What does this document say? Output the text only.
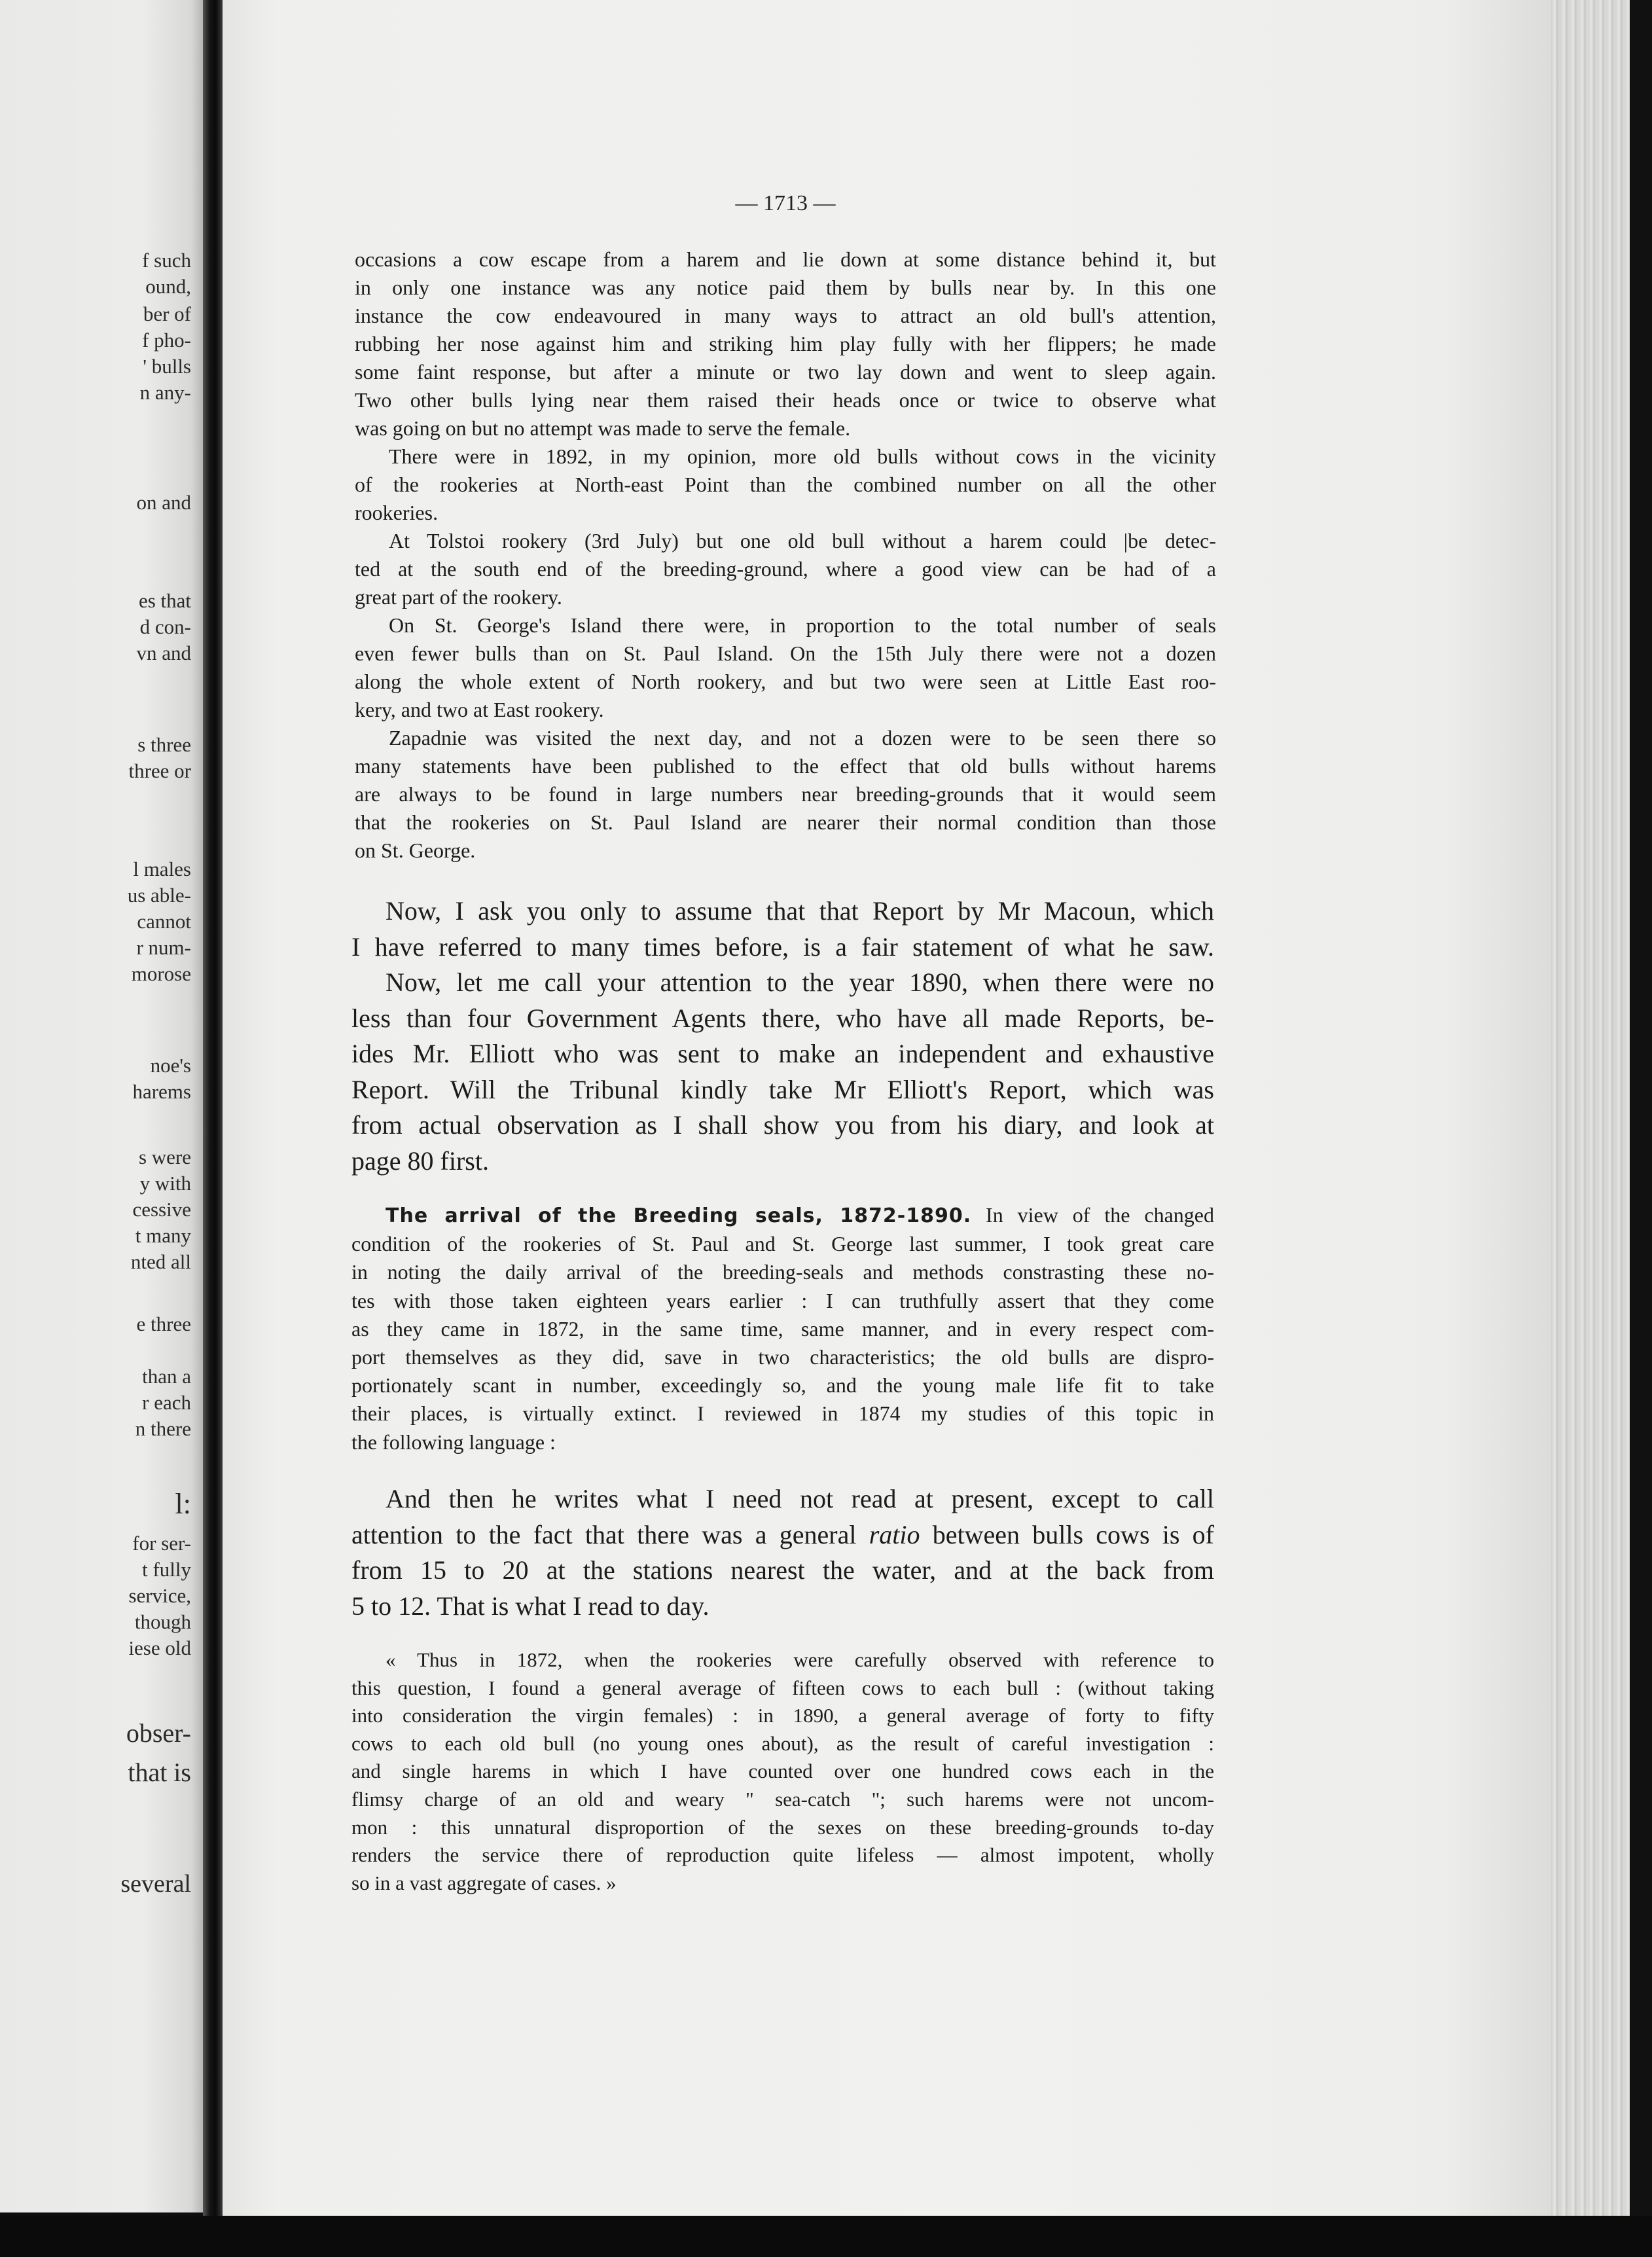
f such
ound,
ber of
f pho-
' bulls
n any-
on and
es that
d con-
vn and
s three
three or
l males
us able-
cannot
r num-
morose
noe's
harems
s were
y with
cessive
t many
nted all
e three
than a
r each
n there
l:
for ser-
t fully
service,
though
iese old
obser-
that is
several
— 1713 —
occasions a cow escape from a harem and lie down at some distance behind it, but
in only one instance was any notice paid them by bulls near by. In this one
instance the cow endeavoured in many ways to attract an old bull's attention,
rubbing her nose against him and striking him play fully with her flippers; he made
some faint response, but after a minute or two lay down and went to sleep again.
Two other bulls lying near them raised their heads once or twice to observe what
was going on but no attempt was made to serve the female.
There were in 1892, in my opinion, more old bulls without cows in the vicinity
of the rookeries at North-east Point than the combined number on all the other
rookeries.
At Tolstoi rookery (3rd July) but one old bull without a harem could |be detec-
ted at the south end of the breeding-ground, where a good view can be had of a
great part of the rookery.
On St. George's Island there were, in proportion to the total number of seals
even fewer bulls than on St. Paul Island. On the 15th July there were not a dozen
along the whole extent of North rookery, and but two were seen at Little East roo-
kery, and two at East rookery.
Zapadnie was visited the next day, and not a dozen were to be seen there so
many statements have been published to the effect that old bulls without harems
are always to be found in large numbers near breeding-grounds that it would seem
that the rookeries on St. Paul Island are nearer their normal condition than those
on St. George.
Now, I ask you only to assume that that Report by Mr Macoun, which
I have referred to many times before, is a fair statement of what he saw.
Now, let me call your attention to the year 1890, when there were no
less than four Government Agents there, who have all made Reports, be-
ides Mr. Elliott who was sent to make an independent and exhaustive
Report. Will the Tribunal kindly take Mr Elliott's Report, which was
from actual observation as I shall show you from his diary, and look at
page 80 first.
The arrival of the Breeding seals, 1872-1890. In view of the changed
condition of the rookeries of St. Paul and St. George last summer, I took great care
in noting the daily arrival of the breeding-seals and methods constrasting these no-
tes with those taken eighteen years earlier : I can truthfully assert that they come
as they came in 1872, in the same time, same manner, and in every respect com-
port themselves as they did, save in two characteristics; the old bulls are dispro-
portionately scant in number, exceedingly so, and the young male life fit to take
their places, is virtually extinct. I reviewed in 1874 my studies of this topic in
the following language :
And then he writes what I need not read at present, except to call
attention to the fact that there was a general ratio between bulls cows is of
from 15 to 20 at the stations nearest the water, and at the back from
5 to 12. That is what I read to day.
« Thus in 1872, when the rookeries were carefully observed with reference to
this question, I found a general average of fifteen cows to each bull : (without taking
into consideration the virgin females) : in 1890, a general average of forty to fifty
cows to each old bull (no young ones about), as the result of careful investigation :
and single harems in which I have counted over one hundred cows each in the
flimsy charge of an old and weary " sea-catch "; such harems were not uncom-
mon : this unnatural disproportion of the sexes on these breeding-grounds to-day
renders the service there of reproduction quite lifeless — almost impotent, wholly
so in a vast aggregate of cases. »
